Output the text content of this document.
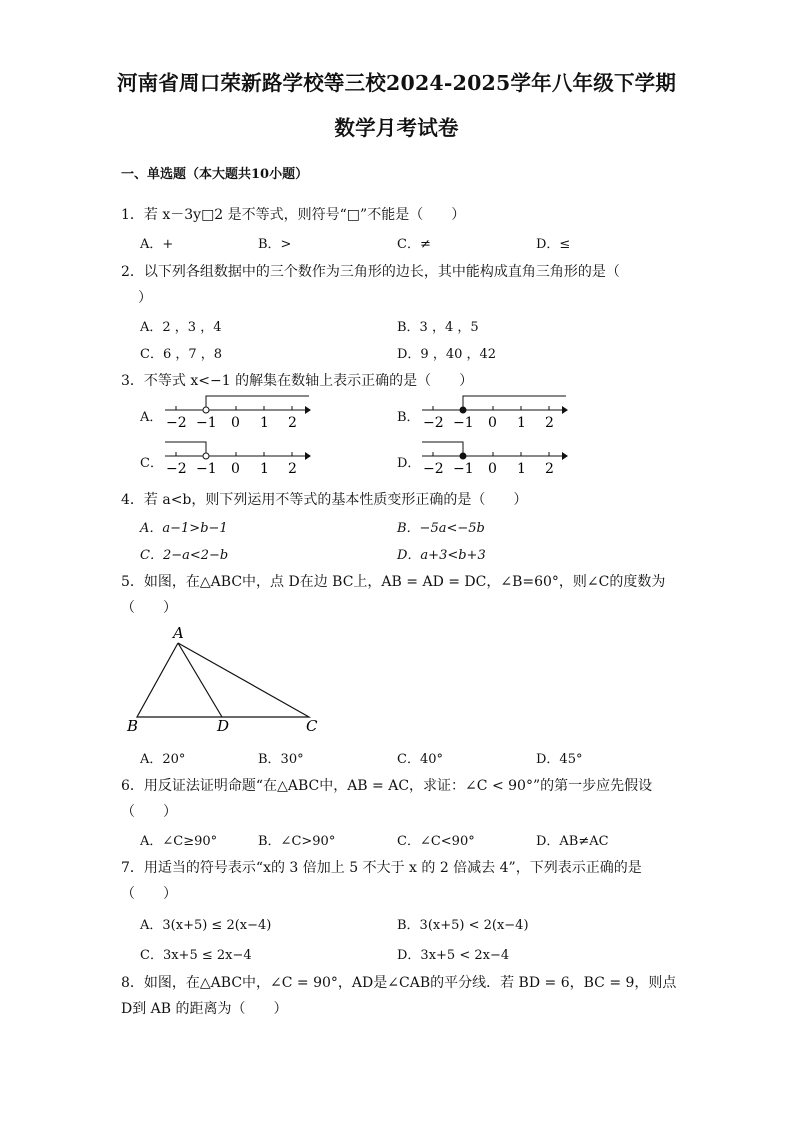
河南省周口荣新路学校等三校2024-2025学年八年级下学期
数学月考试卷
一、单选题（本大题共10小题）
1．若 x－3y□2 是不等式，则符号“□”不能是（　　）
A．+	B．>	C．≠	D．≤
2．以下列各组数据中的三个数作为三角形的边长，其中能构成直角三角形的是（
）
A．2 ，3 ，4	B．3 ，4 ，5
C．6 ，7 ，8	D．9 ，40 ，42
3．不等式 x<−1 的解集在数轴上表示正确的是（　　）
A．	B．
C．	D．
−2 −1 0 1 2	−2 −1 0 1 2
−2 −1 0 1 2	−2 −1 0 1 2
4．若 a<b，则下列运用不等式的基本性质变形正确的是（　　）
A．a−1>b−1	B．−5a<−5b
C．2−a<2−b	D．a+3<b+3
5．如图，在△ABC中，点 D在边 BC上，AB = AD = DC，∠B=60°，则∠C的度数为
（　　）
A
B	D	C
A．20°	B．30°	C．40°	D．45°
6．用反证法证明命题“在△ABC中，AB = AC，求证：∠C < 90°”的第一步应先假设
（　　）
A．∠C≥90°	B．∠C>90°	C．∠C<90°	D．AB≠AC
7．用适当的符号表示“x的 3 倍加上 5 不大于 x 的 2 倍减去 4”，下列表示正确的是
（　　）
A．3(x+5) ≤ 2(x−4)	B．3(x+5) < 2(x−4)
C．3x+5 ≤ 2x−4	D．3x+5 < 2x−4
8．如图，在△ABC中，∠C = 90°，AD是∠CAB的平分线．若 BD = 6，BC = 9，则点
D到 AB 的距离为（　　）
